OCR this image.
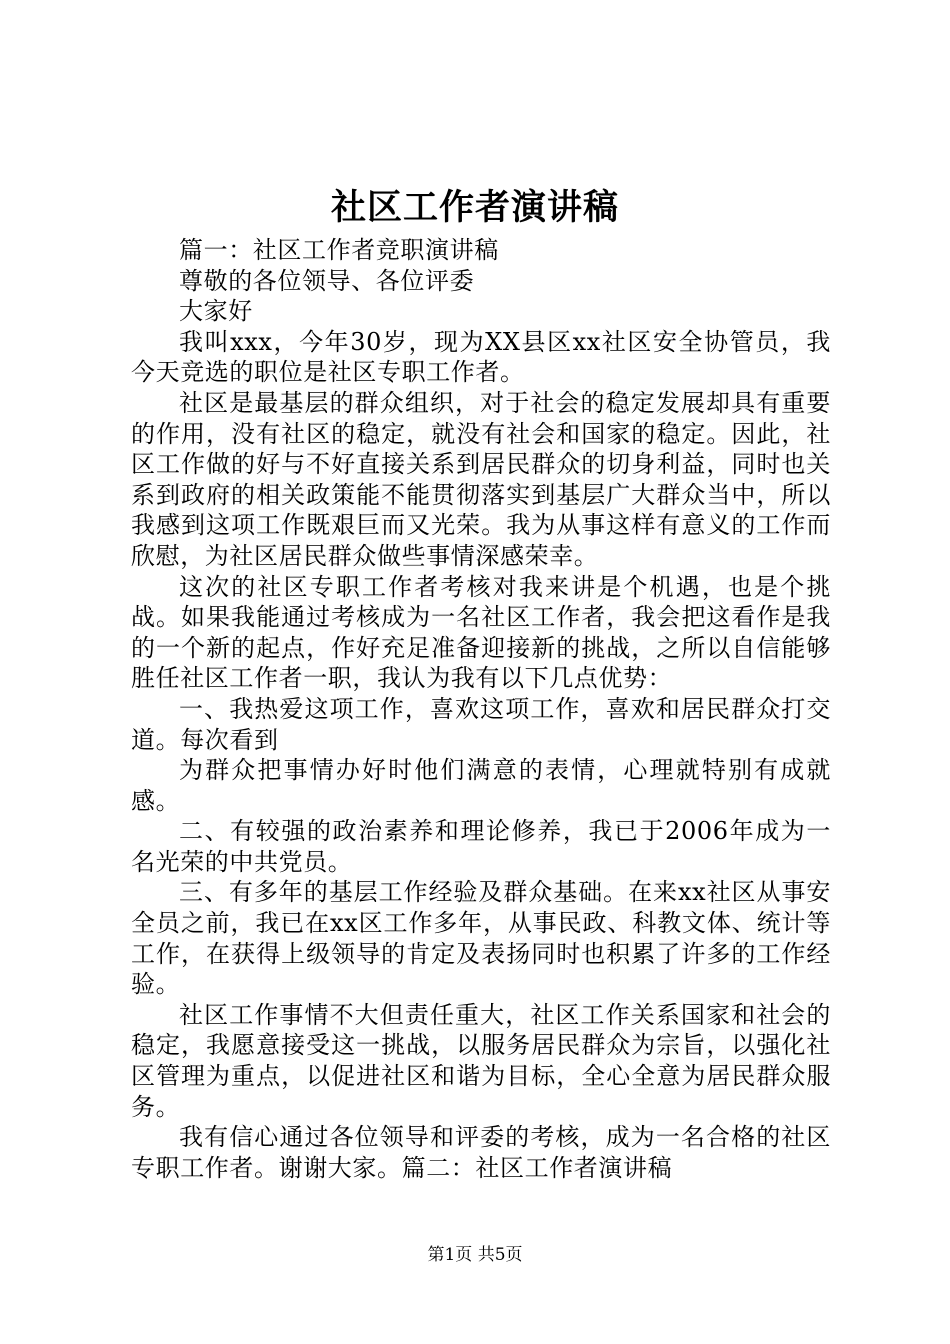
社区工作者演讲稿

篇一：社区工作者竞职演讲稿

尊敬的各位领导、各位评委

大家好

我叫xxx，今年30岁，现为XX县区xx社区安全协管员，我今天竞选的职位是社区专职工作者。

社区是最基层的群众组织，对于社会的稳定发展却具有重要的作用，没有社区的稳定，就没有社会和国家的稳定。因此，社区工作做的好与不好直接关系到居民群众的切身利益，同时也关系到政府的相关政策能不能贯彻落实到基层广大群众当中，所以我感到这项工作既艰巨而又光荣。我为从事这样有意义的工作而欣慰，为社区居民群众做些事情深感荣幸。

这次的社区专职工作者考核对我来讲是个机遇，也是个挑战。如果我能通过考核成为一名社区工作者，我会把这看作是我的一个新的起点，作好充足准备迎接新的挑战，之所以自信能够胜任社区工作者一职，我认为我有以下几点优势：

一、我热爱这项工作，喜欢这项工作，喜欢和居民群众打交道。每次看到

为群众把事情办好时他们满意的表情，心理就特别有成就感。

二、有较强的政治素养和理论修养，我已于2006年成为一名光荣的中共党员。

三、有多年的基层工作经验及群众基础。在来xx社区从事安全员之前，我已在xx区工作多年，从事民政、科教文体、统计等工作，在获得上级领导的肯定及表扬同时也积累了许多的工作经验。

社区工作事情不大但责任重大，社区工作关系国家和社会的稳定，我愿意接受这一挑战，以服务居民群众为宗旨，以强化社区管理为重点，以促进社区和谐为目标，全心全意为居民群众服务。

我有信心通过各位领导和评委的考核，成为一名合格的社区专职工作者。谢谢大家。篇二：社区工作者演讲稿

第1页 共5页
